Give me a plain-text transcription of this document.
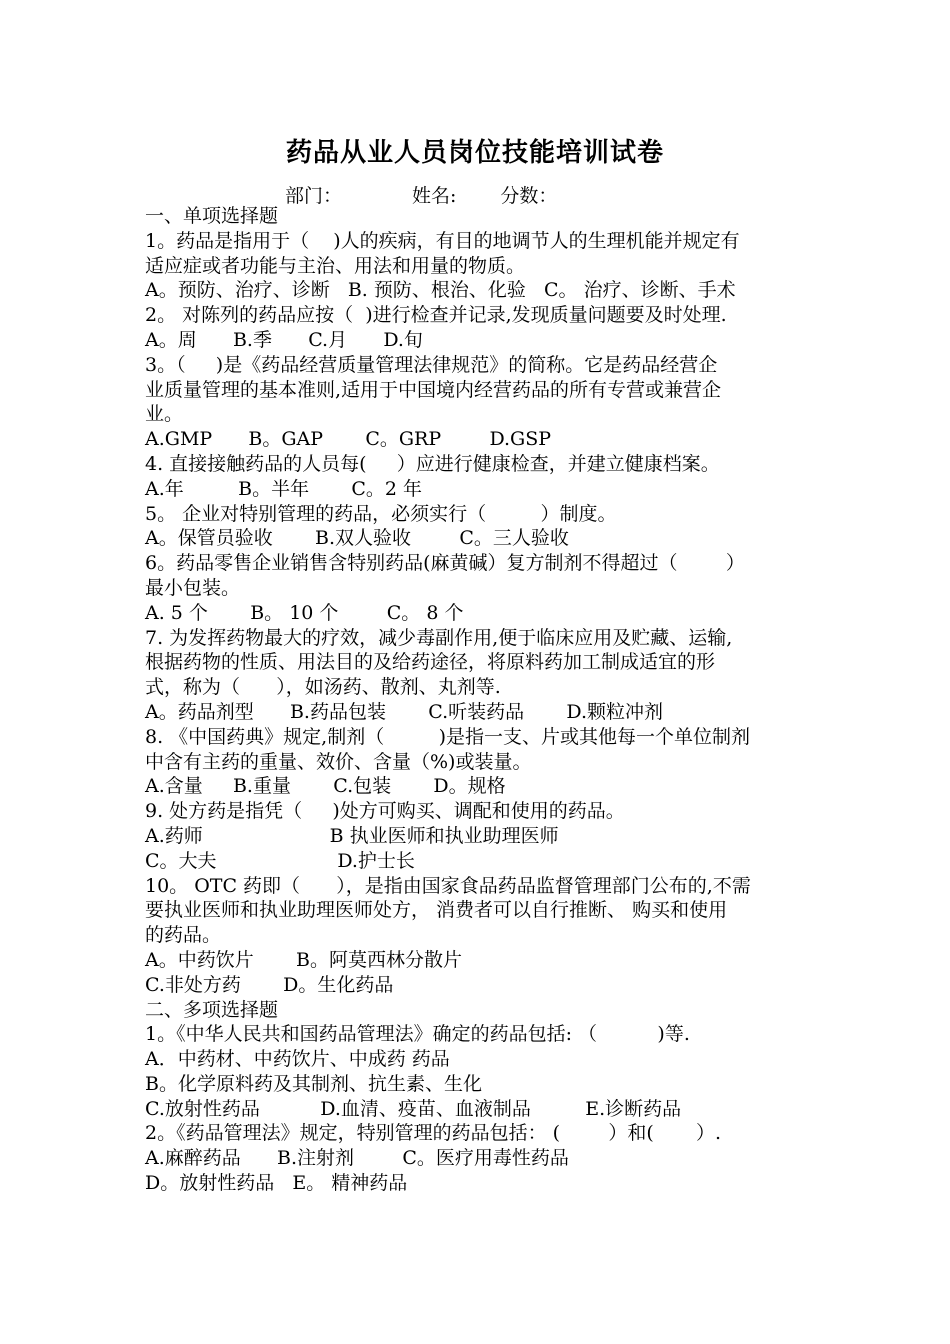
药品从业人员岗位技能培训试卷
部门：	姓名: 分数：
一、单项选择题
1。药品是指用于（    )人的疾病，有目的地调节人的生理机能并规定有
适应症或者功能与主治、用法和用量的物质。
A。预防、治疗、诊断   B. 预防、根治、化验   C。 治疗、诊断、手术
2。 对陈列的药品应按（  )进行检查并记录,发现质量问题要及时处理.
A。周      B.季      C.月      D.旬
3。（     )是《药品经营质量管理法律规范》的简称。它是药品经营企
业质量管理的基本准则,适用于中国境内经营药品的所有专营或兼营企
业。
A.GMP      B。GAP       C。GRP        D.GSP
4. 直接接触药品的人员每(     ）应进行健康检查，并建立健康档案。
A.年         B。半年       C。2 年
5。 企业对特别管理的药品，必须实行（         ）制度。
A。保管员验收       B.双人验收        C。三人验收
6。药品零售企业销售含特别药品(麻黄碱）复方制剂不得超过（        ）
最小包装。
A. 5 个       B。 10 个        C。 8 个
7. 为发挥药物最大的疗效，减少毒副作用,便于临床应用及贮藏、运输,
根据药物的性质、用法目的及给药途径，将原料药加工制成适宜的形
式，称为（      ），如汤药、散剂、丸剂等.
A。药品剂型      B.药品包装       C.听装药品       D.颗粒冲剂
8. 《中国药典》规定,制剂（         )是指一支、片或其他每一个单位制剂
中含有主药的重量、效价、含量（%)或装量。
A.含量     B.重量       C.包装       D。规格
9. 处方药是指凭（     )处方可购买、调配和使用的药品。
A.药师                     B 执业医师和执业助理医师
C。大夫                    D.护士长
10。 OTC 药即（      ），是指由国家食品药品监督管理部门公布的,不需
要执业医师和执业助理医师处方， 消费者可以自行推断、 购买和使用
的药品。
A。中药饮片       B。阿莫西林分散片
C.非处方药       D。生化药品
二、多项选择题
1。《中华人民共和国药品管理法》确定的药品包括: （          )等.
A．中药材、中药饮片、中成药 药品
B。化学原料药及其制剂、抗生素、生化
C.放射性药品          D.血清、疫苗、血液制品         E.诊断药品
2。《药品管理法》规定，特别管理的药品包括： (        ）和(       ）.
A.麻醉药品      B.注射剂        C。医疗用毒性药品
D。放射性药品   E。 精神药品
